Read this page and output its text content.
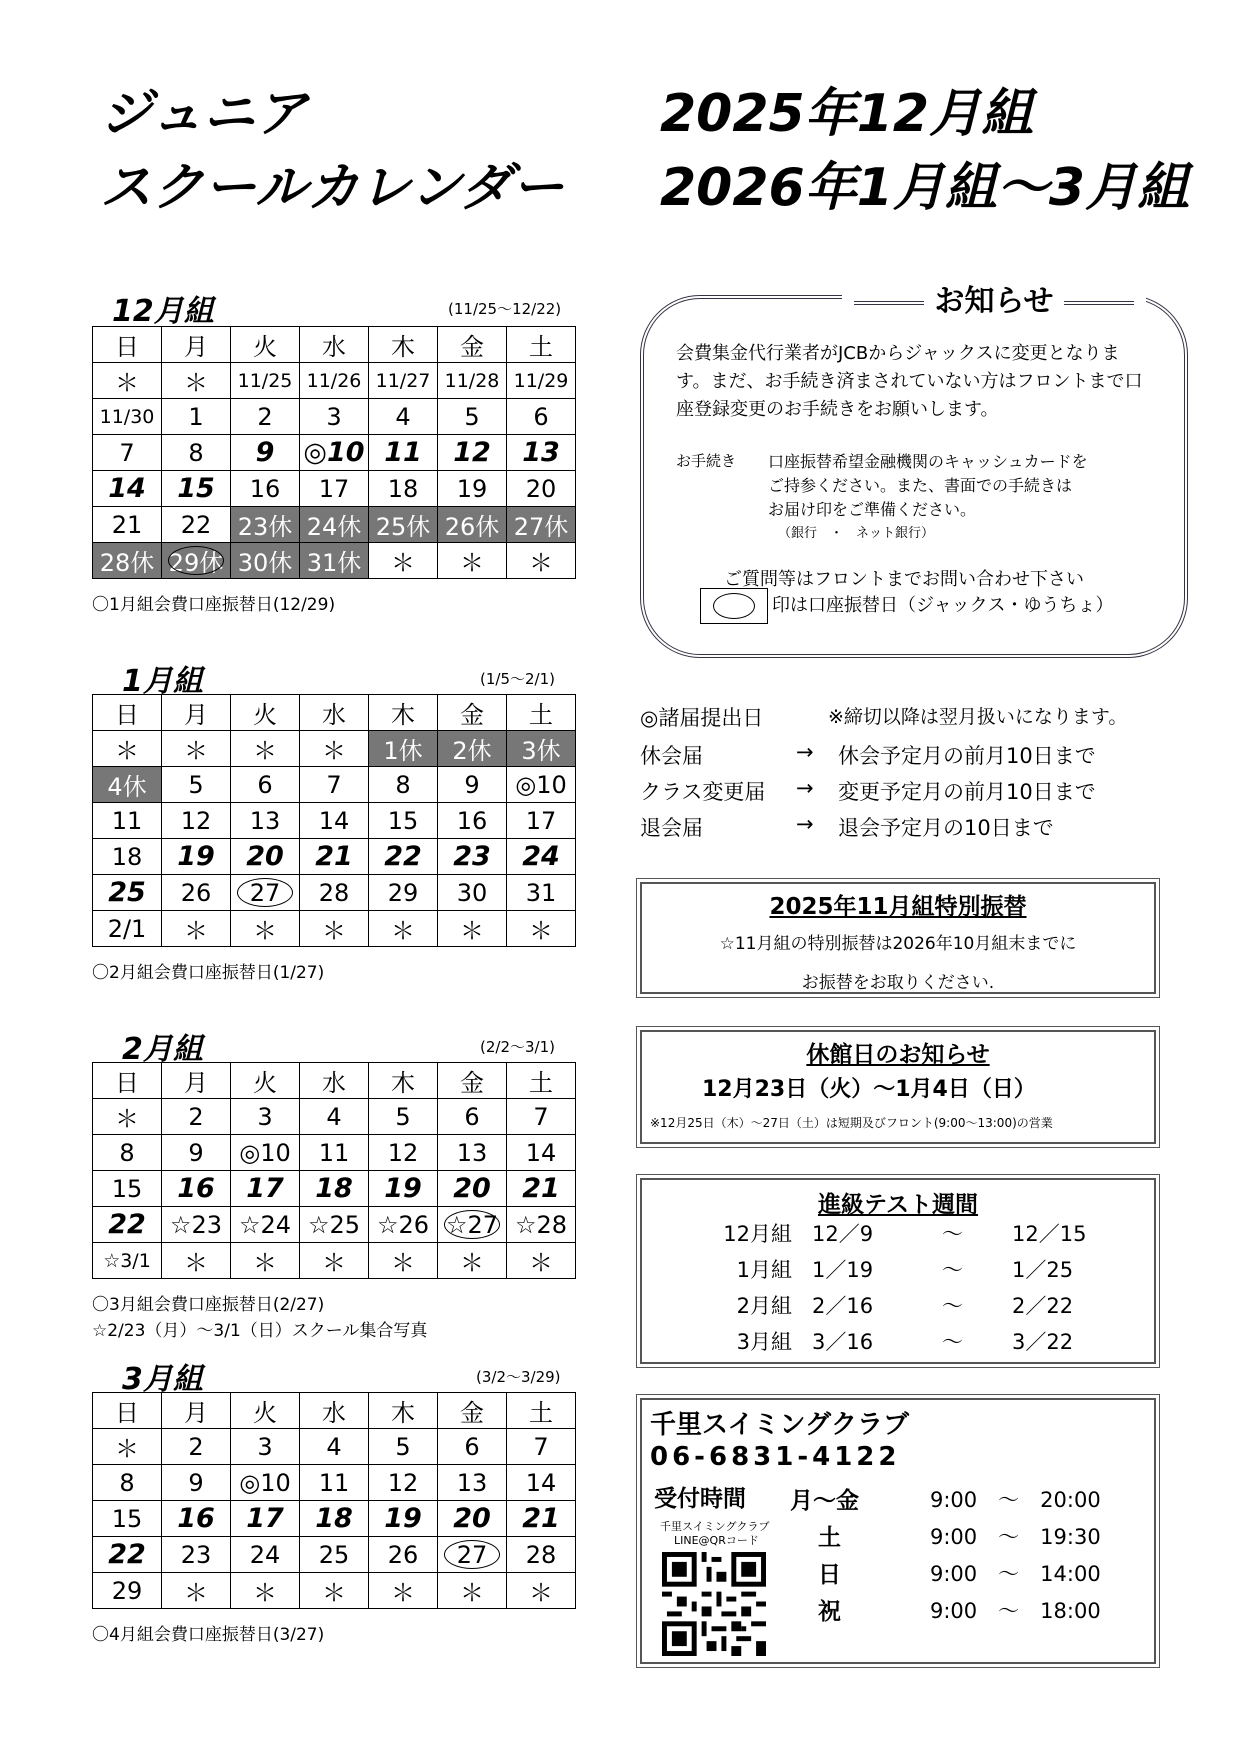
ジュニア
スクールカレンダー
2025年12月組
2026年1月組～3月組
12月組	(11/25～12/22)
日	月	火	水	木	金	土
＊	＊	11/25	11/26	11/27	11/28	11/29
11/30	1	2	3	4	5	6
7	8	9	◎10	11	12	13
14	15	16	17	18	19	20
21	22	23休	24休	25休	26休	27休
28休	29休	30休	31休	＊	＊	＊
〇1月組会費口座振替日(12/29)
1月組	(1/5～2/1)
日	月	火	水	木	金	土
＊	＊	＊	＊	1休	2休	3休
4休	5	6	7	8	9	◎10
11	12	13	14	15	16	17
18	19	20	21	22	23	24
25	26	27	28	29	30	31
2/1	＊	＊	＊	＊	＊	＊
〇2月組会費口座振替日(1/27)
2月組	(2/2～3/1)
日	月	火	水	木	金	土
＊	2	3	4	5	6	7
8	9	◎10	11	12	13	14
15	16	17	18	19	20	21
22	☆23	☆24	☆25	☆26	☆27	☆28
☆3/1	＊	＊	＊	＊	＊	＊
〇3月組会費口座振替日(2/27)
☆2/23（月）～3/1（日）スクール集合写真
3月組	(3/2～3/29)
日	月	火	水	木	金	土
＊	2	3	4	5	6	7
8	9	◎10	11	12	13	14
15	16	17	18	19	20	21
22	23	24	25	26	27	28
29	＊	＊	＊	＊	＊	＊
〇4月組会費口座振替日(3/27)
お知らせ
会費集金代行業者がJCBからジャックスに変更となります。まだ、お手続き済まされていない方はフロントまで口座登録変更のお手続きをお願いします。
お手続き 口座振替希望金融機関のキャッシュカードを
ご持参ください。また、書面での手続きは
お届け印をご準備ください。
（銀行　・　ネット銀行）
ご質問等はフロントまでお問い合わせ下さい
印は口座振替日（ジャックス・ゆうちょ）
◎諸届提出日	※締切以降は翌月扱いになります。
休会届	→ 休会予定月の前月10日まで
クラス変更届 → 変更予定月の前月10日まで
退会届	→ 退会予定月の10日まで
2025年11月組特別振替
☆11月組の特別振替は2026年10月組末までに
お振替をお取りください.
休館日のお知らせ
12月23日（火）～1月4日（日）
※12月25日（木）～27日（土）は短期及びフロント(9:00～13:00)の営業
進級テスト週間
12月組 12／9	～ 12／15
1月組 1／19	～ 1／25
2月組 2／16	～ 2／22
3月組 3／16	～ 3／22
千里スイミングクラブ
06-6831-4122
受付時間
千里スイミングクラブ
LINE@QRコード
月～金	9:00　～　20:00
土	9:00　～　19:30
日	9:00　～　14:00
祝	9:00　～　18:00
